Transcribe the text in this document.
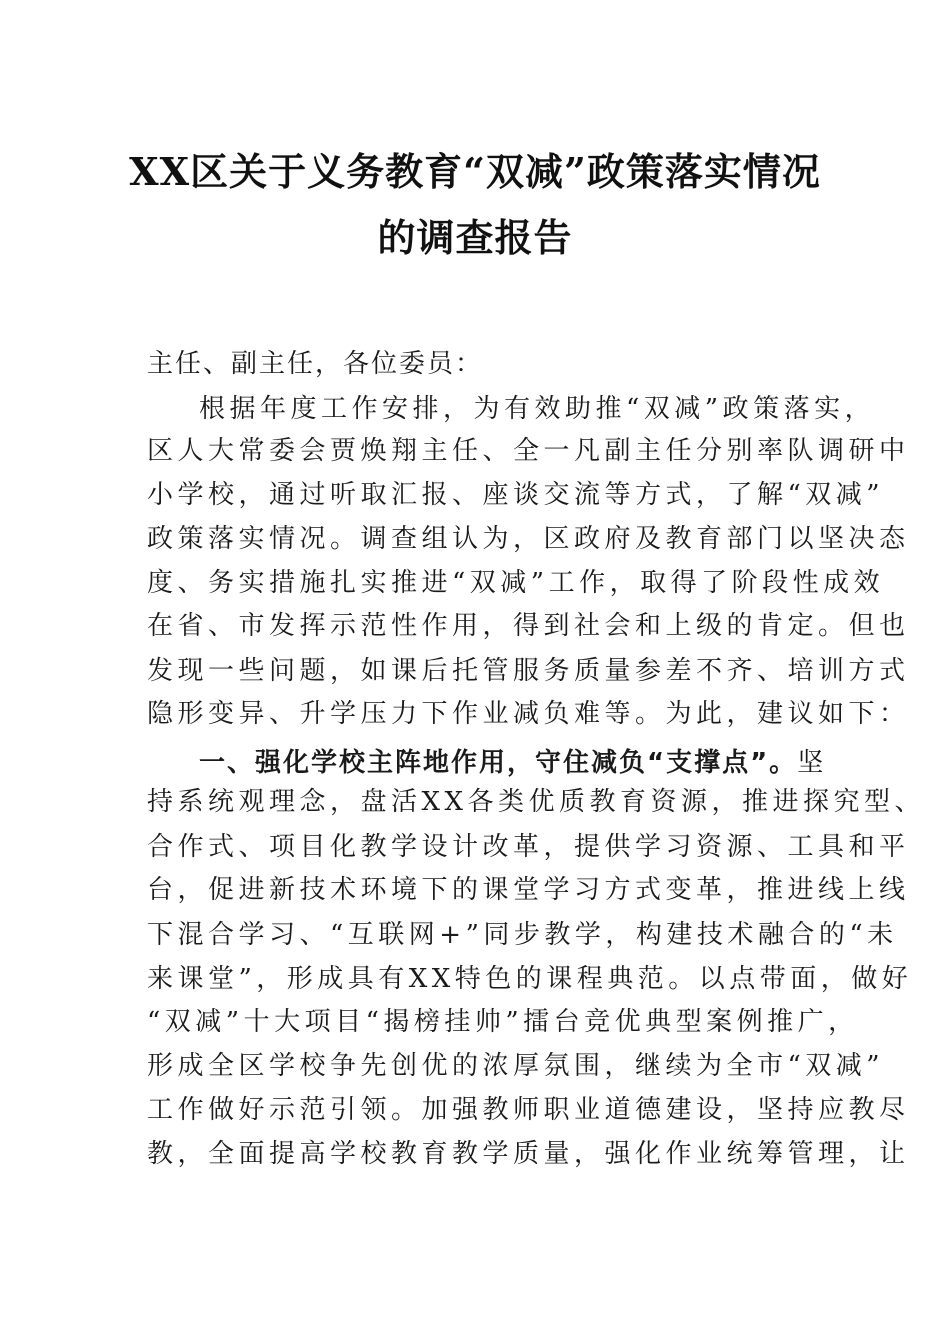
XX区关于义务教育“双减”政策落实情况
的调查报告
主任、副主任，各位委员：
根据年度工作安排，为有效助推“双减”政策落实，
区人大常委会贾焕翔主任、全一凡副主任分别率队调研中
小学校，通过听取汇报、座谈交流等方式，了解“双减”
政策落实情况。调查组认为，区政府及教育部门以坚决态
度、务实措施扎实推进“双减”工作，取得了阶段性成效
在省、市发挥示范性作用，得到社会和上级的肯定。但也
发现一些问题，如课后托管服务质量参差不齐、培训方式
隐形变异、升学压力下作业减负难等。为此，建议如下：
一、强化学校主阵地作用，守住减负“支撑点”。坚
持系统观理念，盘活XX各类优质教育资源，推进探究型、
合作式、项目化教学设计改革，提供学习资源、工具和平
台，促进新技术环境下的课堂学习方式变革，推进线上线
下混合学习、“互联网+”同步教学，构建技术融合的“未
来课堂”，形成具有XX特色的课程典范。以点带面，做好
“双减”十大项目“揭榜挂帅”擂台竞优典型案例推广，
形成全区学校争先创优的浓厚氛围，继续为全市“双减”
工作做好示范引领。加强教师职业道德建设，坚持应教尽
教，全面提高学校教育教学质量，强化作业统筹管理，让
